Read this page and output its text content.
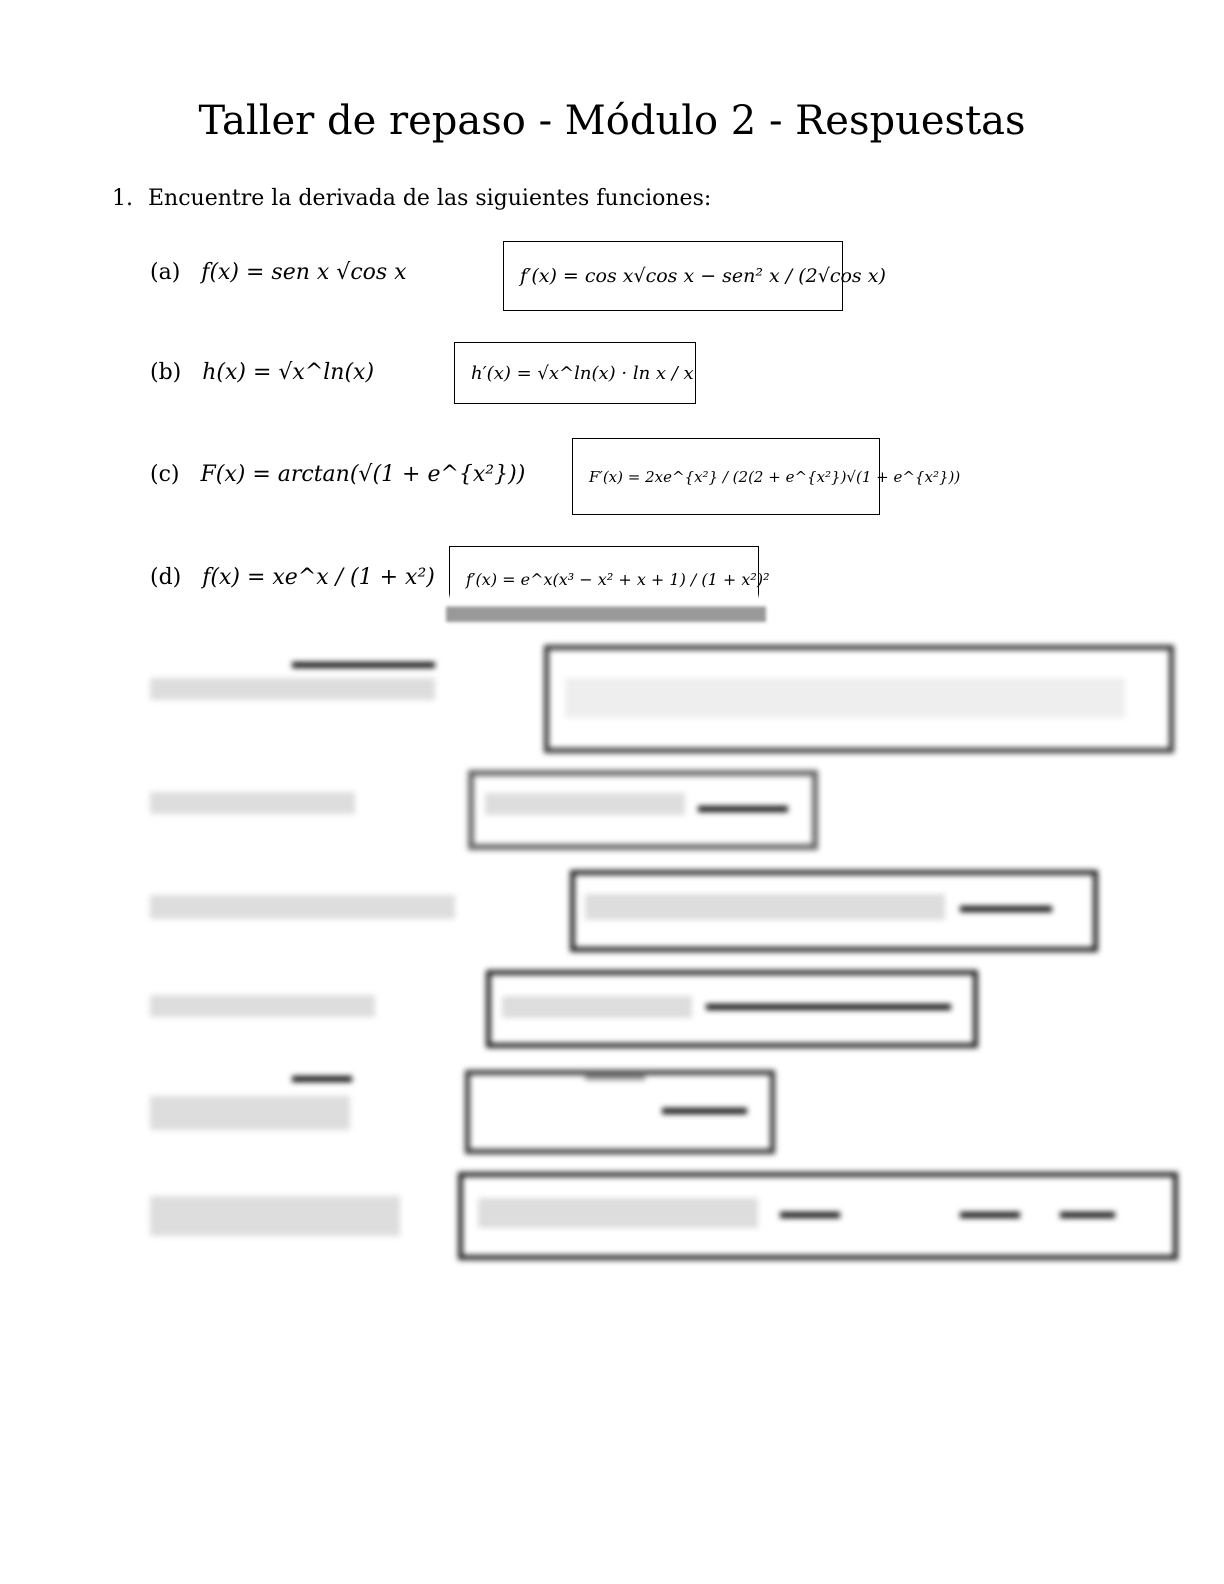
Taller de repaso - Módulo 2 - Respuestas
1. Encuentre la derivada de las siguientes funciones:
(a) f(x) = sen x √cos x	f′(x) = cos x√cos x − sen² x / (2√cos x)
(b) h(x) = √x^ln(x)	h′(x) = √x^ln(x) · ln x / x
(c) F(x) = arctan(√(1 + e^{x²}))	F′(x) = 2xe^{x²} / (2(2 + e^{x²})√(1 + e^{x²}))
(d) f(x) = xe^x / (1 + x²) f′(x) = e^x(x³ − x² + x + 1) / (1 + x²)²
